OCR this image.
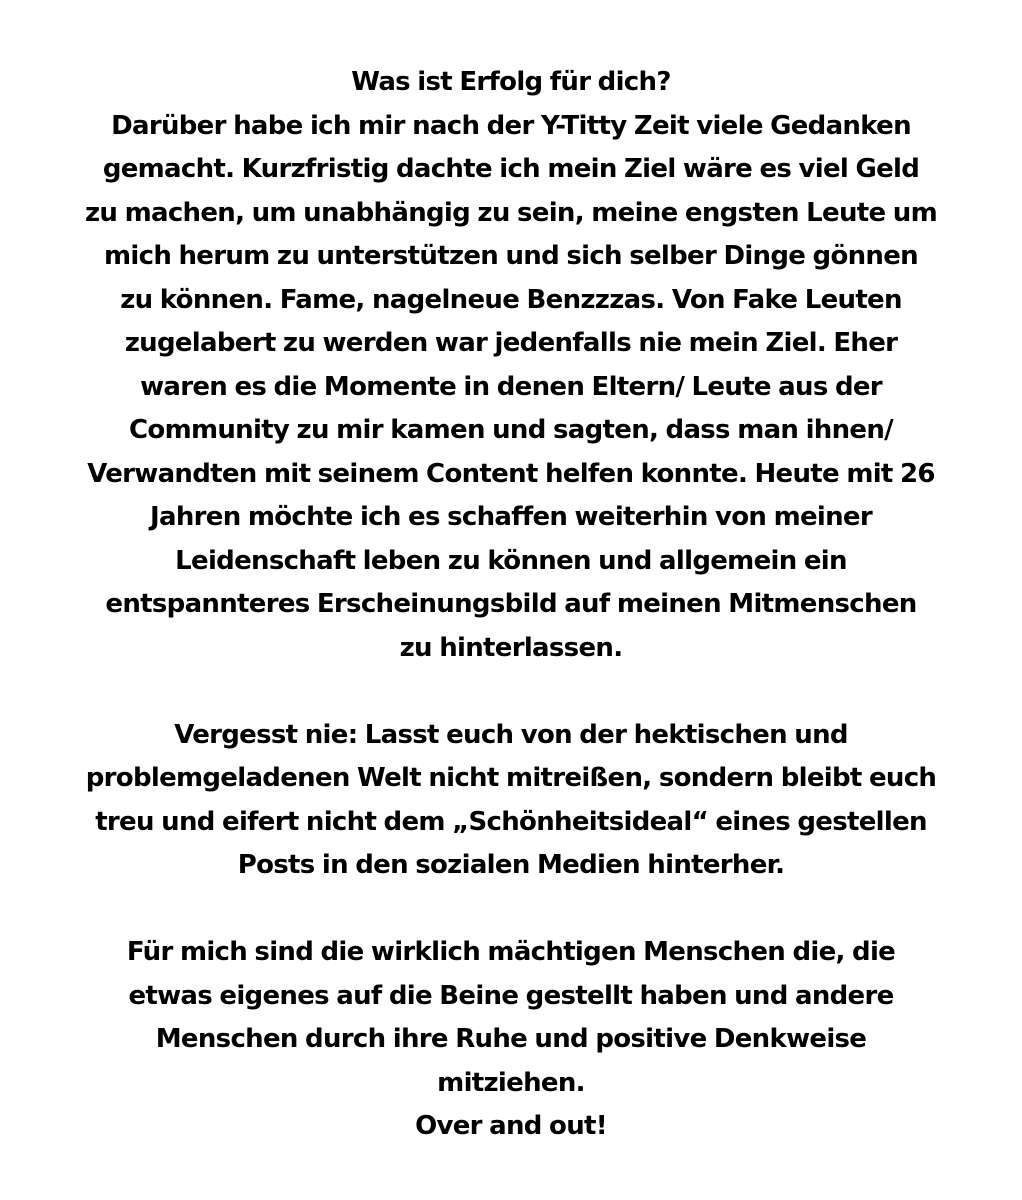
Was ist Erfolg für dich?
Darüber habe ich mir nach der Y-Titty Zeit viele Gedanken
gemacht. Kurzfristig dachte ich mein Ziel wäre es viel Geld
zu machen, um unabhängig zu sein, meine engsten Leute um
mich herum zu unterstützen und sich selber Dinge gönnen
zu können. Fame, nagelneue Benzzzas. Von Fake Leuten
zugelabert zu werden war jedenfalls nie mein Ziel. Eher
waren es die Momente in denen Eltern/ Leute aus der
Community zu mir kamen und sagten, dass man ihnen/
Verwandten mit seinem Content helfen konnte. Heute mit 26
Jahren möchte ich es schaffen weiterhin von meiner
Leidenschaft leben zu können und allgemein ein
entspannteres Erscheinungsbild auf meinen Mitmenschen
zu hinterlassen.
Vergesst nie: Lasst euch von der hektischen und
problemgeladenen Welt nicht mitreißen, sondern bleibt euch
treu und eifert nicht dem „Schönheitsideal“ eines gestellen
Posts in den sozialen Medien hinterher.
Für mich sind die wirklich mächtigen Menschen die, die
etwas eigenes auf die Beine gestellt haben und andere
Menschen durch ihre Ruhe und positive Denkweise
mitziehen.
Over and out!
